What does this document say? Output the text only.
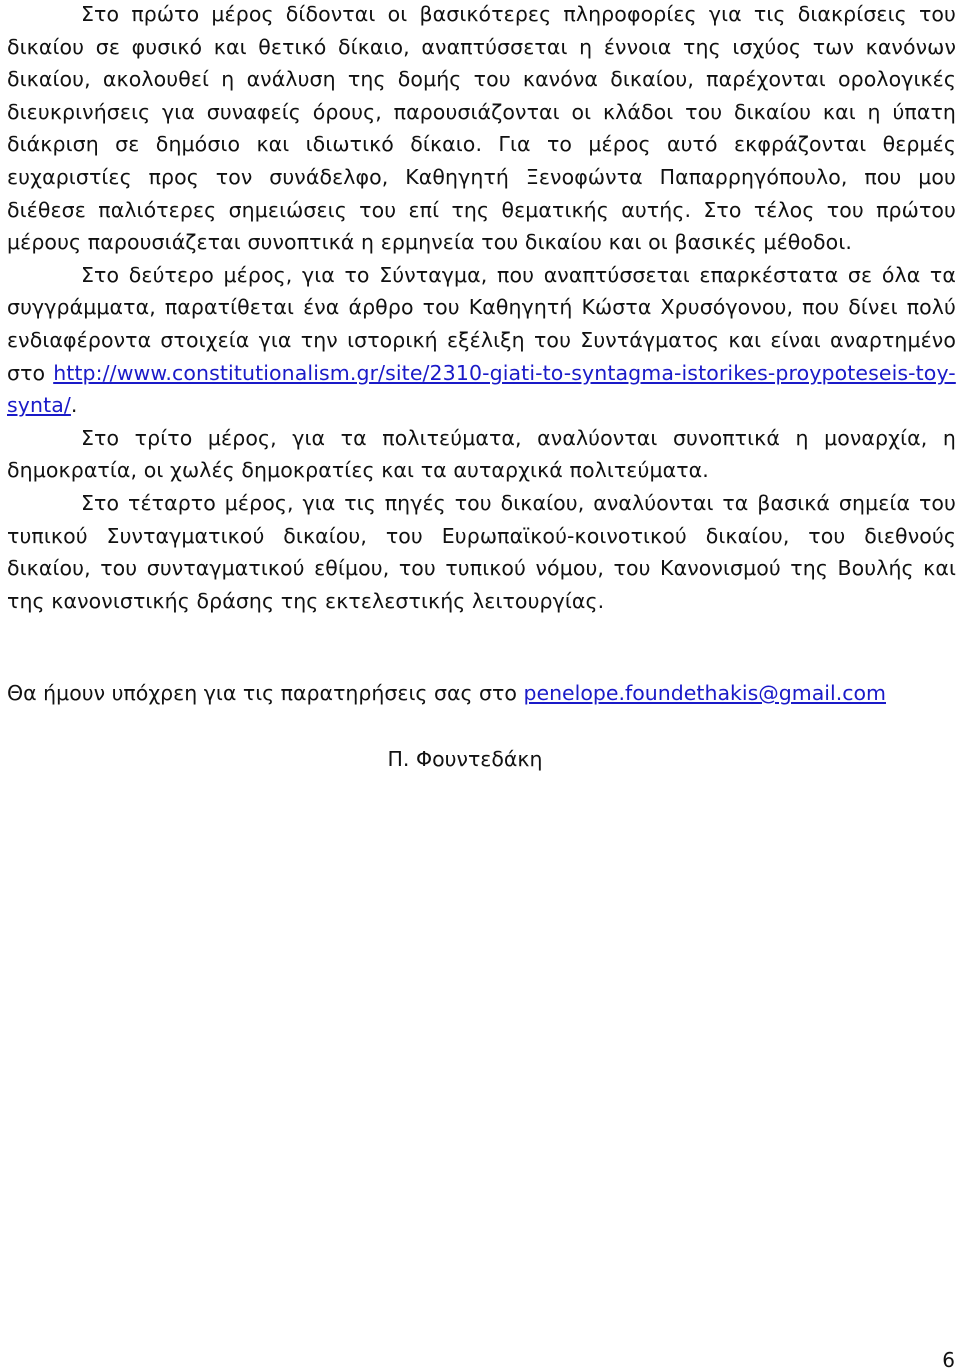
Στο πρώτο μέρος δίδονται οι βασικότερες πληροφορίες για τις διακρίσεις του δικαίου σε φυσικό και θετικό δίκαιο, αναπτύσσεται η έννοια της ισχύος των κανόνων δικαίου, ακολουθεί η ανάλυση της δομής του κανόνα δικαίου, παρέχονται ορολογικές διευκρινήσεις για συναφείς όρους, παρουσιάζονται οι κλάδοι του δικαίου και η ύπατη διάκριση σε δημόσιο και ιδιωτικό δίκαιο. Για το μέρος αυτό εκφράζονται θερμές ευχαριστίες προς τον συνάδελφο, Καθηγητή Ξενοφώντα Παπαρρηγόπουλο, που μου διέθεσε παλιότερες σημειώσεις του επί της θεματικής αυτής. Στο τέλος του πρώτου μέρους παρουσιάζεται συνοπτικά η ερμηνεία του δικαίου και οι βασικές μέθοδοι.

Στο δεύτερο μέρος, για το Σύνταγμα, που αναπτύσσεται επαρκέστατα σε όλα τα συγγράμματα, παρατίθεται ένα άρθρο του Καθηγητή Κώστα Χρυσόγονου, που δίνει πολύ ενδιαφέροντα στοιχεία για την ιστορική εξέλιξη του Συντάγματος και είναι αναρτημένο στο http://www.constitutionalism.gr/site/2310-giati-to-syntagma-istorikes-proypoteseis-toy-synta/.

Στο τρίτο μέρος, για τα πολιτεύματα, αναλύονται συνοπτικά η μοναρχία, η δημοκρατία, οι χωλές δημοκρατίες και τα αυταρχικά πολιτεύματα.

Στο τέταρτο μέρος, για τις πηγές του δικαίου, αναλύονται τα βασικά σημεία του τυπικού Συνταγματικού δικαίου, του Ευρωπαϊκού-κοινοτικού δικαίου, του διεθνούς δικαίου, του συνταγματικού εθίμου, του τυπικού νόμου, του Κανονισμού της Βουλής και της κανονιστικής δράσης της εκτελεστικής λειτουργίας.

Θα ήμουν υπόχρεη για τις παρατηρήσεις σας στο penelope.foundethakis@gmail.com

Π. Φουντεδάκη

6
